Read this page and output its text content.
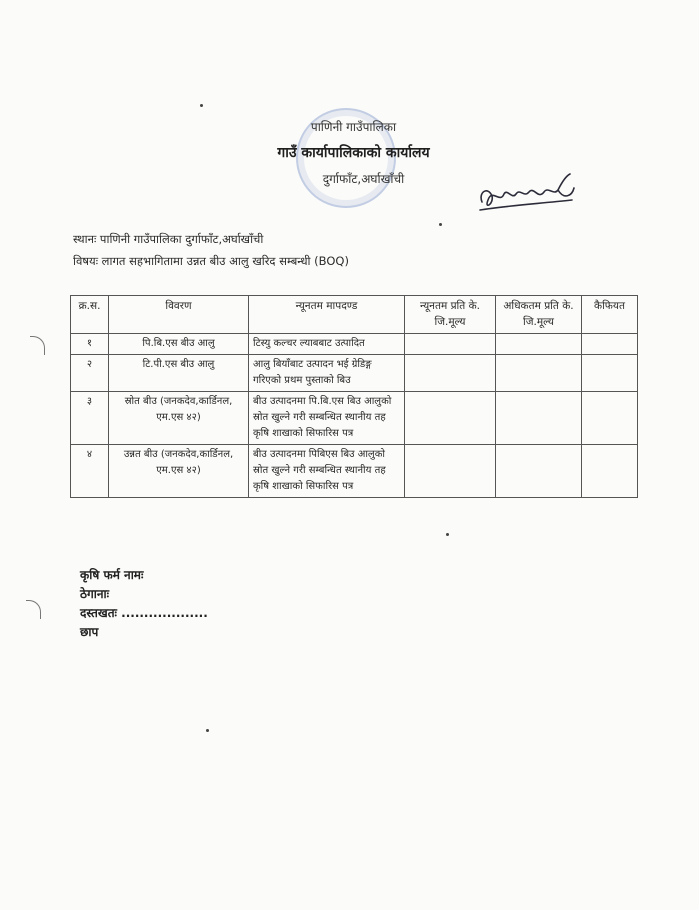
पाणिनी गाउँपालिका
गाउँ कार्यापालिकाको कार्यालय
दुर्गाफाँट,अर्घाखाँची
स्थानः पाणिनी गाउँपालिका दुर्गाफाँट,अर्घाखाँची
विषयः लागत सहभागितामा उन्नत बीउ आलु खरिद सम्बन्धी (BOQ)
क्र.स.	विवरण	न्यूनतम मापदण्ड	न्यूनतम प्रति के. जि.मूल्य	अधिकतम प्रति के. जि.मूल्य	कैफियत
१	पि.बि.एस बीउ आलु	टिस्यु कल्चर ल्याबबाट उत्पादित			
२	टि.पी.एस बीउ आलु	आलु बियाँबाट उत्पादन भई ग्रेडिङ्ग गरिएको प्रथम पुस्ताको बिउ			
३	स्रोत बीउ (जनकदेव,कार्डिनल, एम.एस ४२)	बीउ उत्पादनमा पि.बि.एस बिउ आलुको स्रोत खुल्ने गरी सम्बन्धित स्थानीय तह कृषि शाखाको सिफारिस पत्र			
४	उन्नत बीउ (जनकदेव,कार्डिनल, एम.एस ४२)	बीउ उत्पादनमा पिबिएस बिउ आलुको स्रोत खुल्ने गरी सम्बन्धित स्थानीय तह कृषि शाखाको सिफारिस पत्र			
कृषि फर्म नामः
ठेगानाः
दस्तखतः ...................
छाप
